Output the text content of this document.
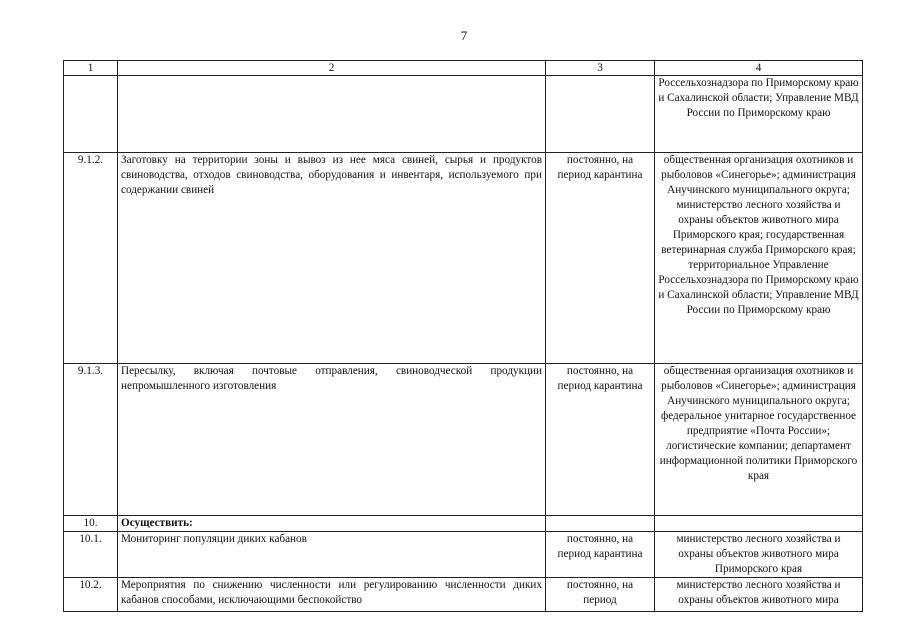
7
1	2	3	4
			Россельхознадзора по Приморскому краю и Сахалинской области; Управление МВД России по Приморскому краю
9.1.2.	Заготовку на территории зоны и вывоз из нее мяса свиней, сырья и продуктов свиноводства, отходов свиноводства, оборудования и инвентаря, используемого при содержании свиней	постоянно, на период карантина	общественная организация охотников и рыболовов «Синегорье»; администрация Анучинского муниципального округа; министерство лесного хозяйства и охраны объектов животного мира Приморского края; государственная ветеринарная служба Приморского края; территориальное Управление Россельхознадзора по Приморскому краю и Сахалинской области; Управление МВД России по Приморскому краю
9.1.3.	Пересылку, включая почтовые отправления, свиноводческой продукции непромышленного изготовления	постоянно, на период карантина	общественная организация охотников и рыболовов «Синегорье»; администрация Анучинского муниципального округа; федеральное унитарное государственное предприятие «Почта России»; логистические компании; департамент информационной политики Приморского края
10.	Осуществить:		
10.1.	Мониторинг популяции диких кабанов	постоянно, на период карантина	министерство лесного хозяйства и охраны объектов животного мира Приморского края
10.2.	Мероприятия по снижению численности или регулированию численности диких кабанов способами, исключающими беспокойство	постоянно, на период	министерство лесного хозяйства и охраны объектов животного мира
